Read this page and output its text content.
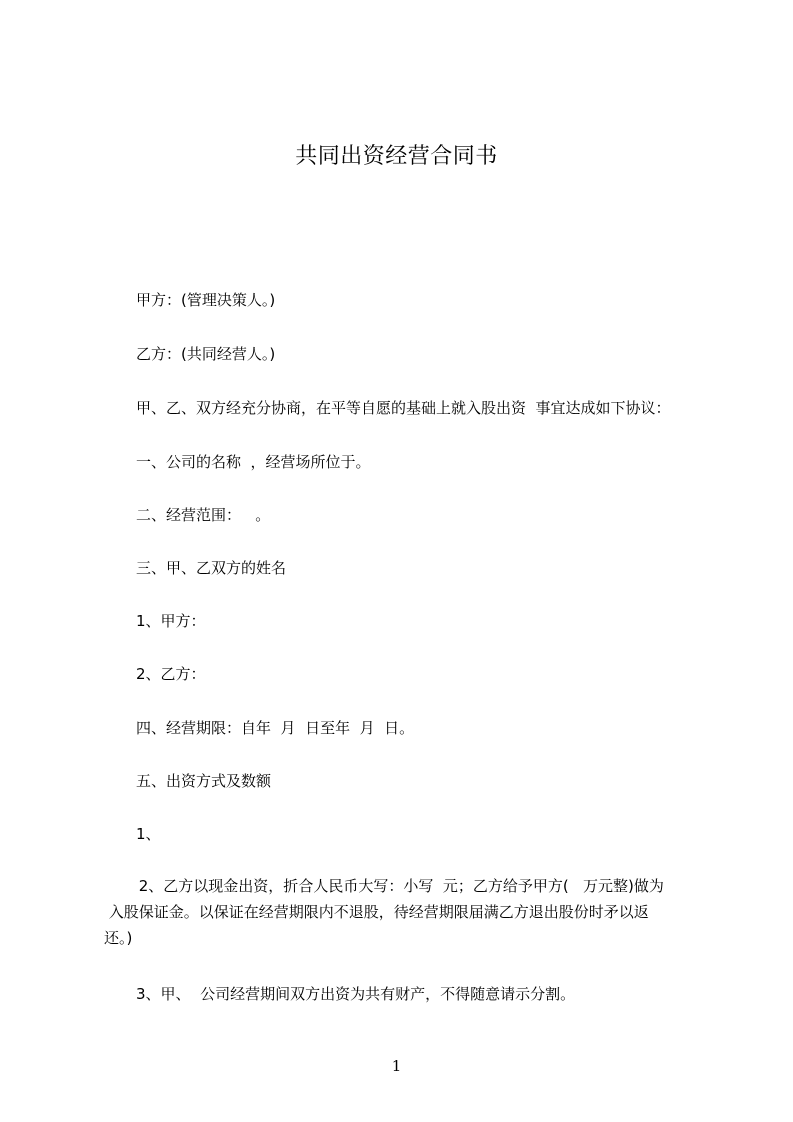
共同出资经营合同书
甲方：(管理决策人。)
乙方：(共同经营人。)
甲、乙、双方经充分协商，在平等自愿的基础上就入股出资  事宜达成如下协议：
一、公司的名称  ，经营场所位于。
二、经营范围：   。
三、甲、乙双方的姓名
1、甲方：
2、乙方：
四、经营期限：自年  月  日至年  月  日。
五、出资方式及数额
1、
2、乙方以现金出资，折合人民币大写：小写  元；乙方给予甲方(   万元整)做为
入股保证金。以保证在经营期限内不退股，待经营期限届满乙方退出股份时矛以返
还。)
3、甲、  公司经营期间双方出资为共有财产，不得随意请示分割。
1
